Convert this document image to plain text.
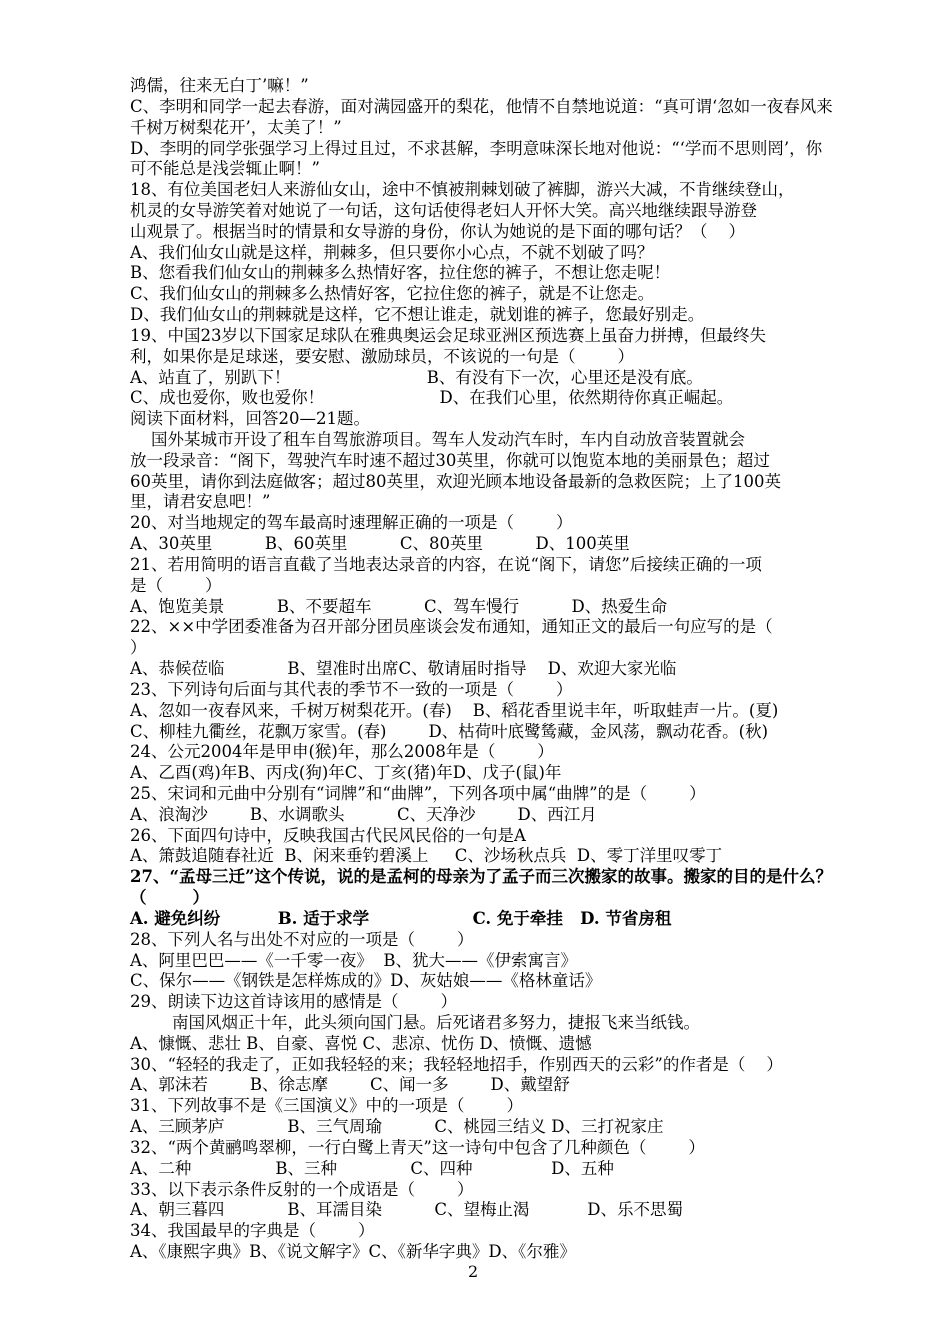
鸿儒，往来无白丁’嘛！”
C、李明和同学一起去春游，面对满园盛开的梨花，他情不自禁地说道：“真可谓‘忽如一夜春风来
千树万树梨花开’，太美了！”
D、李明的同学张强学习上得过且过，不求甚解，李明意味深长地对他说：“‘学而不思则罔’，你
可不能总是浅尝辄止啊！”
18、有位美国老妇人来游仙女山，途中不慎被荆棘划破了裤脚，游兴大减，不肯继续登山，
机灵的女导游笑着对她说了一句话，这句话使得老妇人开怀大笑。高兴地继续跟导游登
山观景了。根据当时的情景和女导游的身份，你认为她说的是下面的哪句话？（    ）
A、我们仙女山就是这样，荆棘多，但只要你小心点，不就不划破了吗？
B、您看我们仙女山的荆棘多么热情好客，拉住您的裤子，不想让您走呢！
C、我们仙女山的荆棘多么热情好客，它拉住您的裤子，就是不让您走。
D、我们仙女山的荆棘就是这样，它不想让谁走，就划谁的裤子，您最好别走。
19、中国23岁以下国家足球队在雅典奥运会足球亚洲区预选赛上虽奋力拼搏，但最终失
利，如果你是足球迷，要安慰、激励球员，不该说的一句是（        ）
A、站直了，别趴下！                          B、有没有下一次，心里还是没有底。
C、成也爱你，败也爱你！                      D、在我们心里，依然期待你真正崛起。
阅读下面材料，回答20—21题。
国外某城市开设了租车自驾旅游项目。驾车人发动汽车时，车内自动放音装置就会
放一段录音：“阁下，驾驶汽车时速不超过30英里，你就可以饱览本地的美丽景色；超过
60英里，请你到法庭做客；超过80英里，欢迎光顾本地设备最新的急救医院；上了100英
里，请君安息吧！”
20、对当地规定的驾车最高时速理解正确的一项是（        ）
A、30英里          B、60英里          C、80英里          D、100英里
21、若用简明的语言直截了当地表达录音的内容，在说“阁下，请您”后接续正确的一项
是（        ）
A、饱览美景          B、不要超车          C、驾车慢行          D、热爱生命
22、××中学团委准备为召开部分团员座谈会发布通知，通知正文的最后一句应写的是（
）
A、恭候莅临            B、望准时出席C、敬请届时指导    D、欢迎大家光临
23、下列诗句后面与其代表的季节不一致的一项是（        ）
A、忽如一夜春风来，千树万树梨花开。(春)    B、稻花香里说丰年，听取蛙声一片。(夏)
C、柳桂九衢丝，花飘万家雪。(春)        D、枯荷叶底鹭鸶藏，金风荡，飘动花香。(秋)
24、公元2004年是甲申(猴)年，那么2008年是（        ）
A、乙酉(鸡)年B、丙戌(狗)年C、丁亥(猪)年D、戊子(鼠)年
25、宋词和元曲中分别有“词牌”和“曲牌”，下列各项中属“曲牌”的是（        ）
A、浪淘沙        B、水调歌头          C、天净沙        D、西江月
26、下面四句诗中，反映我国古代民风民俗的一句是A
A、箫鼓追随春社近  B、闲来垂钓碧溪上     C、沙场秋点兵  D、零丁洋里叹零丁
27、“孟母三迁”这个传说，说的是孟柯的母亲为了孟子而三次搬家的故事。搬家的目的是什么？
（        ）
A. 避免纠纷          B. 适于求学                  C. 免于牵挂   D. 节省房租
28、下列人名与出处不对应的一项是（        ）
A、阿里巴巴——《一千零一夜》  B、犹大——《伊索寓言》
C、保尔——《钢铁是怎样炼成的》D、灰姑娘——《格林童话》
29、朗读下边这首诗该用的感情是（        ）
南国风烟正十年，此头须向国门悬。后死诸君多努力，捷报飞来当纸钱。
A、慷慨、悲壮 B、自豪、喜悦 C、悲凉、忧伤 D、愤慨、遗憾
30、“轻轻的我走了，正如我轻轻的来；我轻轻地招手，作别西天的云彩”的作者是（    ）
A、郭沫若        B、徐志摩        C、闻一多        D、戴望舒
31、下列故事不是《三国演义》中的一项是（        ）
A、三顾茅庐            B、三气周瑜          C、桃园三结义 D、三打祝家庄
32、“两个黄鹂鸣翠柳，一行白鹭上青天”这一诗句中包含了几种颜色（        ）
A、二种                B、三种              C、四种               D、五种
33、以下表示条件反射的一个成语是（        ）
A、朝三暮四            B、耳濡目染          C、望梅止渴           D、乐不思蜀
34、我国最早的字典是（        ）
A、《康熙字典》B、《说文解字》C、《新华字典》D、《尔雅》
2
